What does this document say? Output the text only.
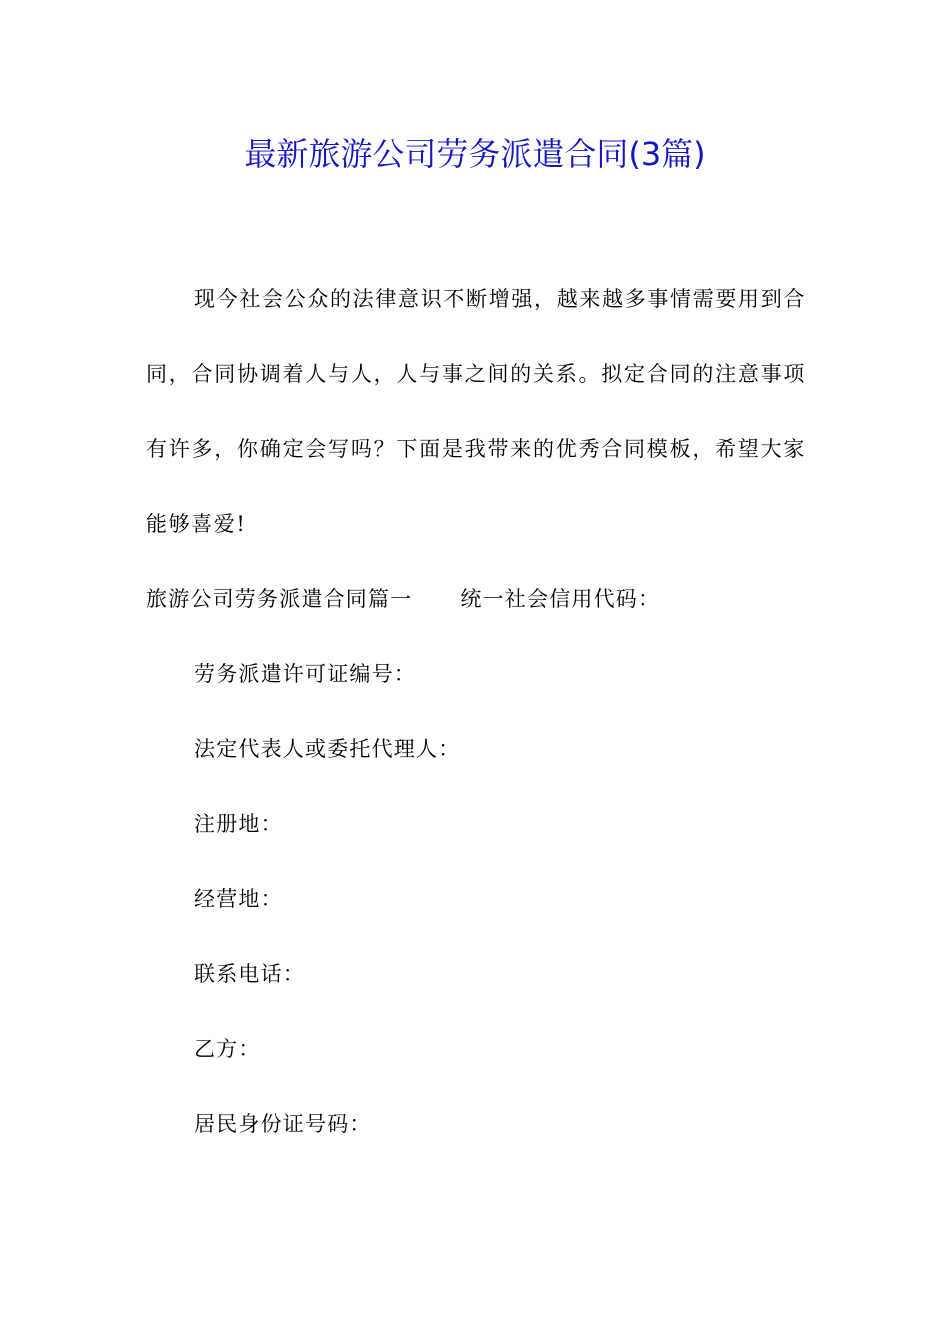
最新旅游公司劳务派遣合同(3篇)

现今社会公众的法律意识不断增强，越来越多事情需要用到合同，合同协调着人与人，人与事之间的关系。拟定合同的注意事项有许多，你确定会写吗？下面是我带来的优秀合同模板，希望大家能够喜爱!

旅游公司劳务派遣合同篇一 统一社会信用代码：

劳务派遣许可证编号：

法定代表人或委托代理人：

注册地：

经营地：

联系电话：

乙方：

居民身份证号码：
